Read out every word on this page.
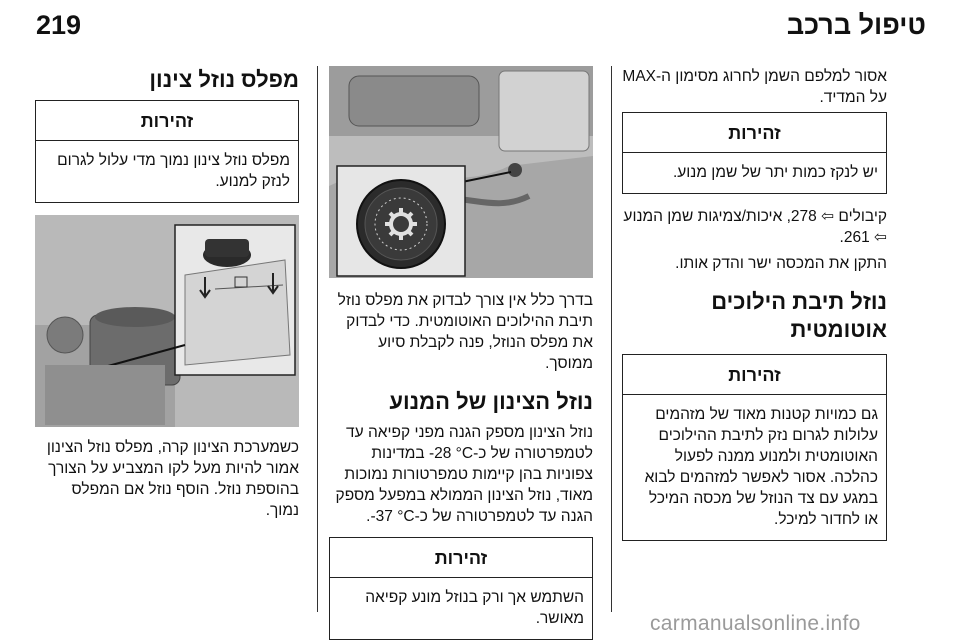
219	טיפול ברכב
אסור למלפם השמן לחרוג מסימון ה-MAX על המדיד.
זהירות
יש לנקז כמות יתר של שמן מנוע.
קיבולים ⇦ 278, איכות/צמיגות שמן המנוע ⇦ 261.
התקן את המכסה ישר והדק אותו.
נוזל תיבת הילוכים אוטומטית
זהירות
גם כמויות קטנות מאוד של מזהמים עלולות לגרום נזק לתיבת ההילוכים האוטומטית ולמנוע ממנה לפעול כהלכה. אסור לאפשר למזהמים לבוא במגע עם צד הנוזל של מכסה המיכל או לחדור למיכל.
בדרך כלל אין צורך לבדוק את מפלס נוזל תיבת ההילוכים האוטומטית. כדי לבדוק את מפלס הנוזל, פנה לקבלת סיוע ממוסך.
נוזל הצינון של המנוע
נוזל הצינון מספק הגנה מפני קפיאה עד לטמפרטורה של כ-‎-28 °C‎ במדינות צפוניות בהן קיימות טמפרטורות נמוכות מאוד, נוזל הצינון הממולא במפעל מספק הגנה עד לטמפרטורה של כ-‎-37 °C‎.
זהירות
השתמש אך ורק בנוזל מונע קפיאה מאושר.
מפלס נוזל צינון
זהירות
מפלס נוזל צינון נמוך מדי עלול לגרום לנזק למנוע.
כשמערכת הצינון קרה, מפלס נוזל הצינון אמור להיות מעל לקו המצביע על הצורך בהוספת נוזל. הוסף נוזל אם המפלס נמוך.
carmanualsonline.info
